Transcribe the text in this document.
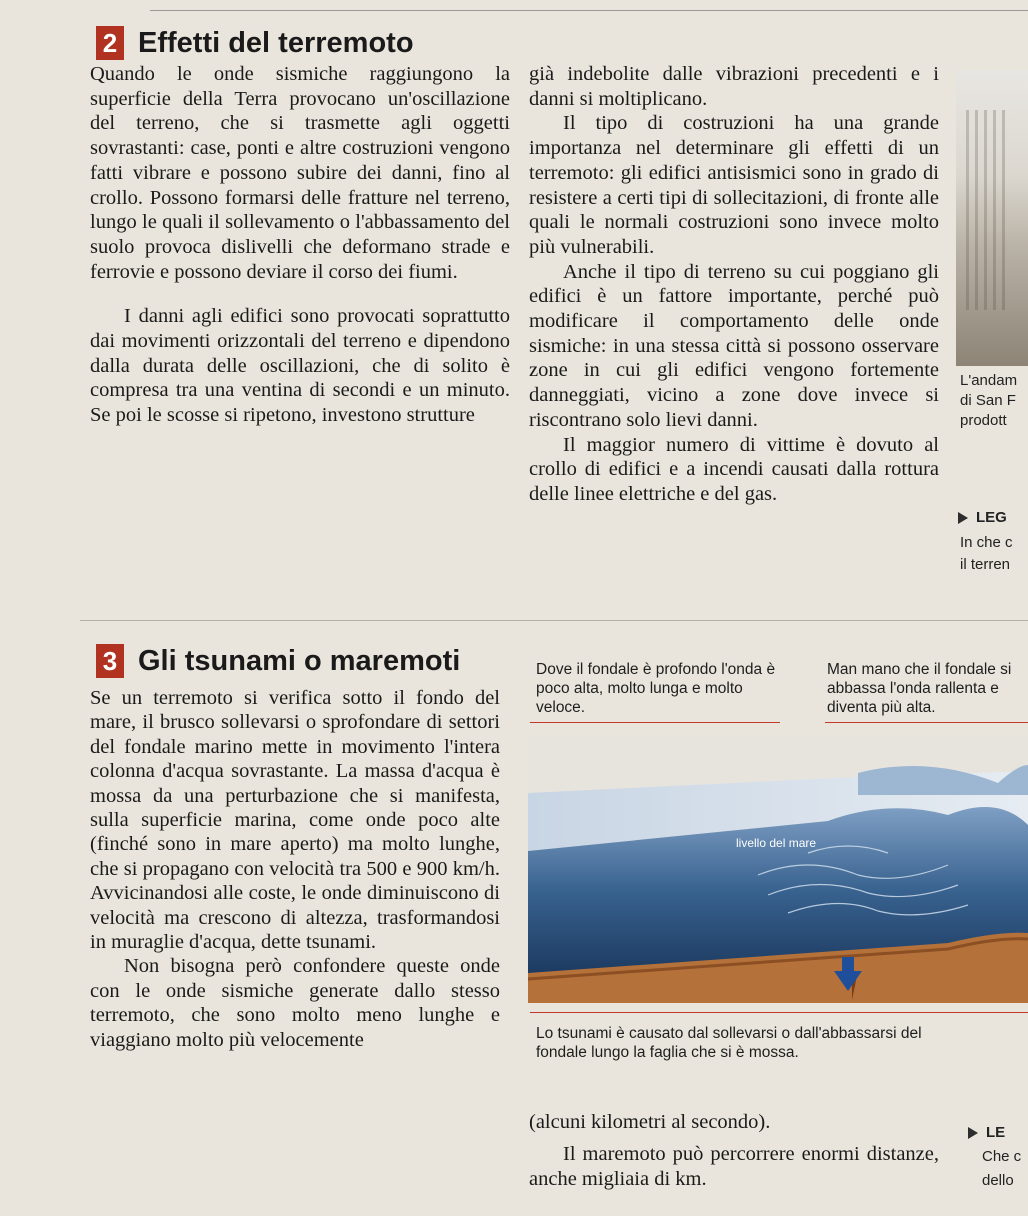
2 Effetti del terremoto

Quando le onde sismiche raggiungono la superficie della Terra provocano un'oscillazione del terreno, che si trasmette agli oggetti sovrastanti: case, ponti e altre costruzioni vengono fatti vibrare e possono subire dei danni, fino al crollo. Possono formarsi delle fratture nel terreno, lungo le quali il sollevamento o l'abbassamento del suolo provoca dislivelli che deformano strade e ferrovie e possono deviare il corso dei fiumi.

I danni agli edifici sono provocati soprattutto dai movimenti orizzontali del terreno e dipendono dalla durata delle oscillazioni, che di solito è compresa tra una ventina di secondi e un minuto. Se poi le scosse si ripetono, investono strutture

già indebolite dalle vibrazioni precedenti e i danni si moltiplicano.

Il tipo di costruzioni ha una grande importanza nel determinare gli effetti di un terremoto: gli edifici antisismici sono in grado di resistere a certi tipi di sollecitazioni, di fronte alle quali le normali costruzioni sono invece molto più vulnerabili.

Anche il tipo di terreno su cui poggiano gli edifici è un fattore importante, perché può modificare il comportamento delle onde sismiche: in una stessa città si possono osservare zone in cui gli edifici vengono fortemente danneggiati, vicino a zone dove invece si riscontrano solo lievi danni.

Il maggior numero di vittime è dovuto al crollo di edifici e a incendi causati dalla rottura delle linee elettriche e del gas.

L'andam
di San F
prodott
LEG
In che c
il terren
3 Gli tsunami o maremoti

Se un terremoto si verifica sotto il fondo del mare, il brusco sollevarsi o sprofondare di settori del fondale marino mette in movimento l'intera colonna d'acqua sovrastante. La massa d'acqua è mossa da una perturbazione che si manifesta, sulla superficie marina, come onde poco alte (finché sono in mare aperto) ma molto lunghe, che si propagano con velocità tra 500 e 900 km/h. Avvicinandosi alle coste, le onde diminuiscono di velocità ma crescono di altezza, trasformandosi in muraglie d'acqua, dette tsunami.

Non bisogna però confondere queste onde con le onde sismiche generate dallo stesso terremoto, che sono molto meno lunghe e viaggiano molto più velocemente

Dove il fondale è profondo l'onda è poco alta, molto lunga e molto veloce.
Man mano che il fondale si abbassa l'onda rallenta e diventa più alta.
livello del mare
Lo tsunami è causato dal sollevarsi o dall'abbassarsi del fondale lungo la faglia che si è mossa.

(alcuni kilometri al secondo).

Il maremoto può percorrere enormi distanze, anche migliaia di km.

LE
Che c
dello
